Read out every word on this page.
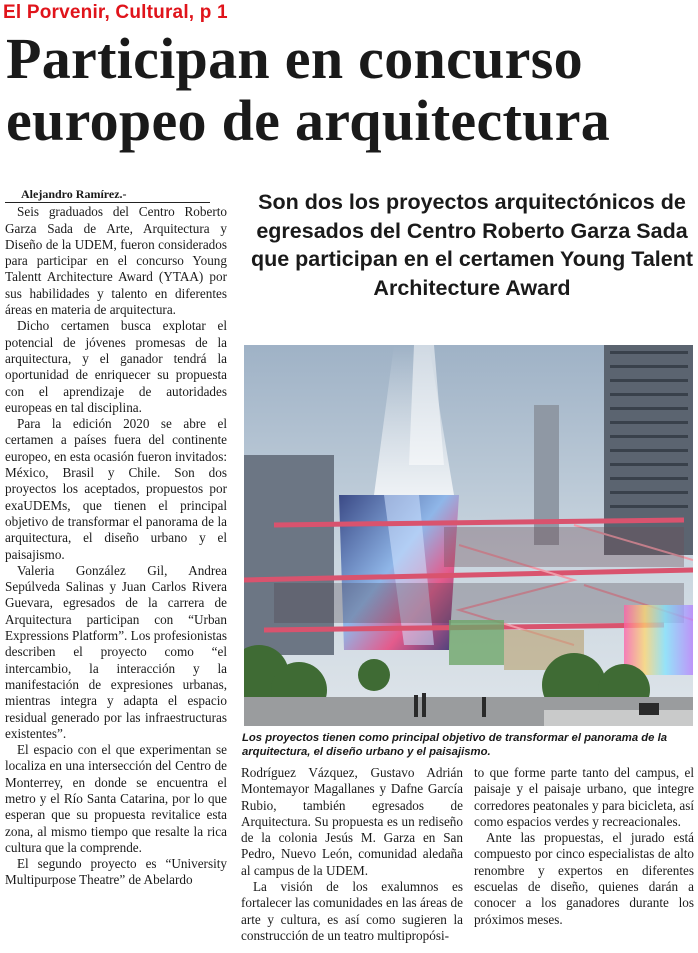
El Porvenir, Cultural, p 1
Participan en concurso
europeo de arquitectura
Son dos los proyectos arquitectónicos de egresados del Centro Roberto Garza Sada que participan en el certamen Young Talent Architecture Award
Alejandro Ramírez.-

Seis graduados del Centro Roberto Garza Sada de Arte, Arquitectura y Diseño de la UDEM, fueron considerados para participar en el concurso Young Talentt Architecture Award (YTAA) por sus habilidades y talento en diferentes áreas en materia de arquitectura.

Dicho certamen busca explotar el potencial de jóvenes promesas de la arquitectura, y el ganador tendrá la oportunidad de enriquecer su propuesta con el aprendizaje de autoridades europeas en tal disciplina.

Para la edición 2020 se abre el certamen a países fuera del continente europeo, en esta ocasión fueron invitados: México, Brasil y Chile. Son dos proyectos los aceptados, propuestos por exaUDEMs, que tienen el principal objetivo de transformar el panorama de la arquitectura, el diseño urbano y el paisajismo.

Valeria González Gil, Andrea Sepúlveda Salinas y Juan Carlos Rivera Guevara, egresados de la carrera de Arquitectura participan con “Urban Expressions Platform”. Los profesionistas describen el proyecto como “el intercambio, la interacción y la manifestación de expresiones urbanas, mientras integra y adapta el espacio residual generado por las infraestructuras existentes”.

El espacio con el que experimentan se localiza en una intersección del Centro de Monterrey, en donde se encuentra el metro y el Río Santa Catarina, por lo que esperan que su propuesta revitalice esta zona, al mismo tiempo que resalte la rica cultura que la comprende.

El segundo proyecto es “University Multipurpose Theatre” de Abelardo

Los proyectos tienen como principal objetivo de transformar el panorama de la arquitectura, el diseño urbano y el paisajismo.

Rodríguez Vázquez, Gustavo Adrián Montemayor Magallanes y Dafne García Rubio, también egresados de Arquitectura. Su propuesta es un rediseño de la colonia Jesús M. Garza en San Pedro, Nuevo León, comunidad aledaña al campus de la UDEM.

La visión de los exalumnos es fortalecer las comunidades en las áreas de arte y cultura, es así como sugieren la construcción de un teatro multipropósi-

to que forme parte tanto del campus, el paisaje y el paisaje urbano, que integre corredores peatonales y para bicicleta, así como espacios verdes y recreacionales.

Ante las propuestas, el jurado está compuesto por cinco especialistas de alto renombre y expertos en diferentes escuelas de diseño, quienes darán a conocer a los ganadores durante los próximos meses.
